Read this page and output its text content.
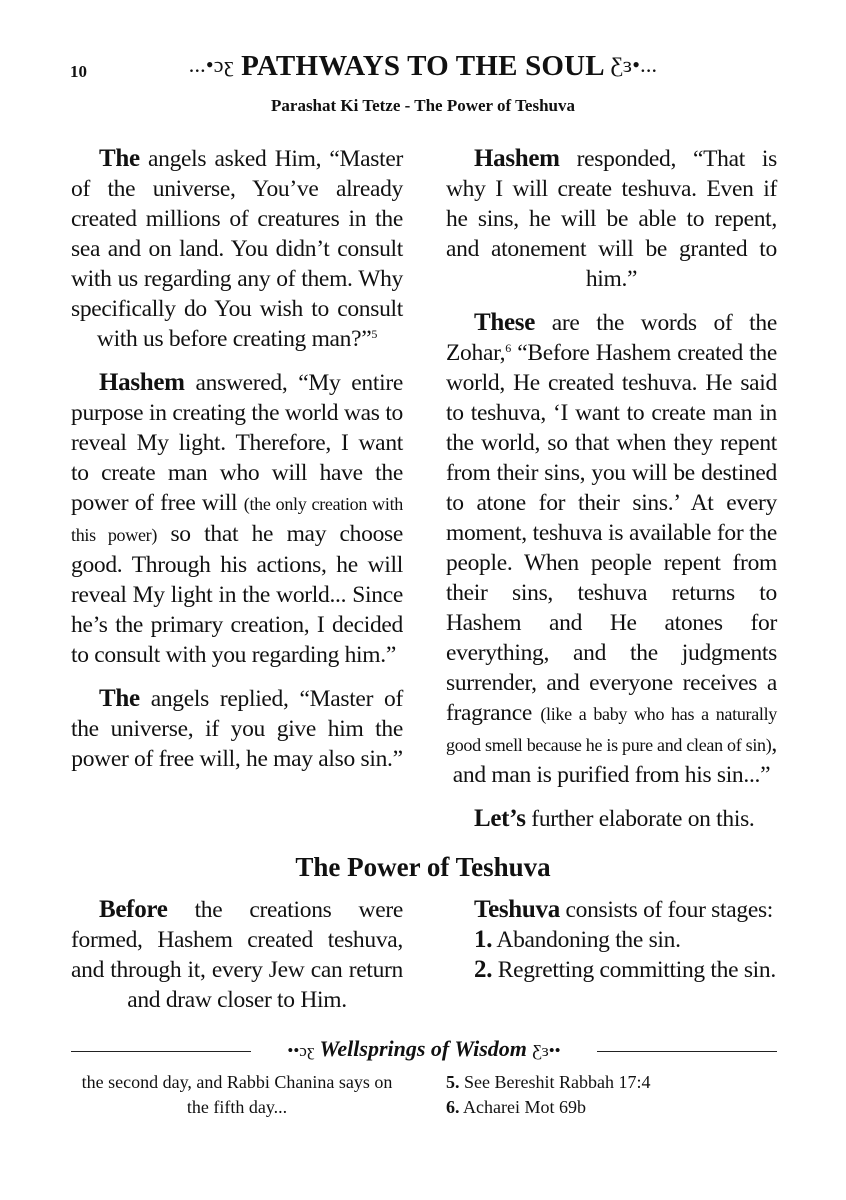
10	...•ɔƹ PATHWAYS TO THE SOUL Ƹɜ•...
Parashat Ki Tetze - The Power of Teshuva

The angels asked Him, “Master of the universe, You’ve already created millions of creatures in the sea and on land. You didn’t consult with us regarding any of them. Why specifically do You wish to consult with us before creating man?”$^5$

Hashem answered, “My entire purpose in creating the world was to reveal My light. Therefore, I want to create man who will have the power of free will (the only creation with this power) so that he may choose good. Through his actions, he will reveal My light in the world... Since he’s the primary creation, I decided to consult with you regarding him.”

The angels replied, “Master of the universe, if you give him the power of free will, he may also sin.”

Hashem responded, “That is why I will create teshuva. Even if he sins, he will be able to repent, and atonement will be granted to him.”

These are the words of the Zohar,$^6$ “Before Hashem created the world, He created teshuva. He said to teshuva, ‘I want to create man in the world, so that when they repent from their sins, you will be destined to atone for their sins.’ At every moment, teshuva is available for the people. When people repent from their sins, teshuva returns to Hashem and He atones for everything, and the judgments surrender, and everyone receives a fragrance (like a baby who has a naturally good smell because he is pure and clean of sin), and man is purified from his sin...”

Let’s further elaborate on this.

The Power of Teshuva

Before the creations were formed, Hashem created teshuva, and through it, every Jew can return and draw closer to Him.

Teshuva consists of four stages:

1. Abandoning the sin.

2. Regretting committing the sin.

••ɔƹ Wellsprings of Wisdom Ƹɜ••
the second day, and Rabbi Chanina says on the fifth day...
5. See Bereshit Rabbah 17:4
6. Acharei Mot 69b
